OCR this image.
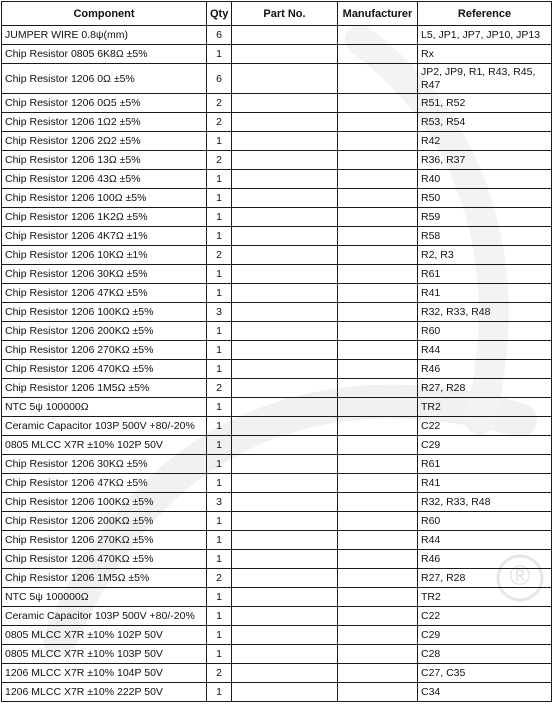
®
Component	Qty	Part No.	Manufacturer	Reference
JUMPER WIRE 0.8ψ(mm)	6			L5, JP1, JP7, JP10, JP13
Chip Resistor 0805 6K8Ω ±5%	1			Rx
Chip Resistor 1206 0Ω ±5%	6			JP2, JP9, R1, R43, R45, R47
Chip Resistor 1206 0Ω5 ±5%	2			R51, R52
Chip Resistor 1206 1Ω2 ±5%	2			R53, R54
Chip Resistor 1206 2Ω2 ±5%	1			R42
Chip Resistor 1206 13Ω ±5%	2			R36, R37
Chip Resistor 1206 43Ω ±5%	1			R40
Chip Resistor 1206 100Ω ±5%	1			R50
Chip Resistor 1206 1K2Ω ±5%	1			R59
Chip Resistor 1206 4K7Ω ±1%	1			R58
Chip Resistor 1206 10KΩ ±1%	2			R2, R3
Chip Resistor 1206 30KΩ ±5%	1			R61
Chip Resistor 1206 47KΩ ±5%	1			R41
Chip Resistor 1206 100KΩ ±5%	3			R32, R33, R48
Chip Resistor 1206 200KΩ ±5%	1			R60
Chip Resistor 1206 270KΩ ±5%	1			R44
Chip Resistor 1206 470KΩ ±5%	1			R46
Chip Resistor 1206 1M5Ω ±5%	2			R27, R28
NTC 5ψ 100000Ω	1			TR2
Ceramic Capacitor 103P 500V +80/-20%	1			C22
0805 MLCC X7R ±10% 102P 50V	1			C29
Chip Resistor 1206 30KΩ ±5%	1			R61
Chip Resistor 1206 47KΩ ±5%	1			R41
Chip Resistor 1206 100KΩ ±5%	3			R32, R33, R48
Chip Resistor 1206 200KΩ ±5%	1			R60
Chip Resistor 1206 270KΩ ±5%	1			R44
Chip Resistor 1206 470KΩ ±5%	1			R46
Chip Resistor 1206 1M5Ω ±5%	2			R27, R28
NTC 5ψ 100000Ω	1			TR2
Ceramic Capacitor 103P 500V +80/-20%	1			C22
0805 MLCC X7R ±10% 102P 50V	1			C29
0805 MLCC X7R ±10% 103P 50V	1			C28
1206 MLCC X7R ±10% 104P 50V	2			C27, C35
1206 MLCC X7R ±10% 222P 50V	1			C34
